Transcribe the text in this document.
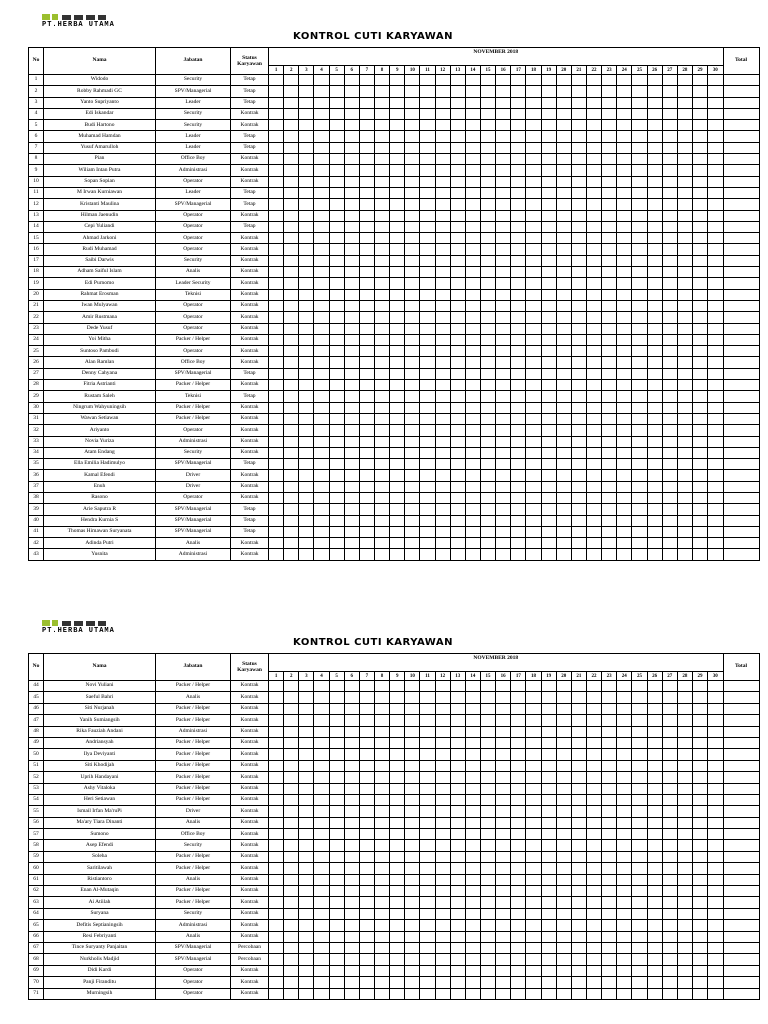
PT.HERBA UTAMA
KONTROL CUTI KARYAWAN
No	Nama	Jabatan	Status Karyawan	NOVEMBER 2018																														Total
				1	2	3	4	5	6	7	8	9	10	11	12	13	14	15	16	17	18	19	20	21	22	23	24	25	26	27	28	29	30	
1	Widodo	Security	Tetap																															
2	Robby Rahmadi GC	SPV/Managerial	Tetap																															
3	Yanto Supriyanto	Leader	Tetap																															
4	Edi Iskandar	Security	Kontrak																															
5	Budi Hartono	Security	Kontrak																															
6	Muhamad Hamdan	Leader	Tetap																															
7	Yusuf Amarulloh	Leader	Tetap																															
8	Pian	Office Boy	Kontrak																															
9	Wiliam Intan Putra	Administrasi	Kontrak																															
10	Sopan Sopian	Operator	Kontrak																															
11	M Irwan Kurniawan	Leader	Tetap																															
12	Kristanti Maulina	SPV/Managerial	Tetap																															
13	Hilman Jaenudin	Operator	Kontrak																															
14	Cepi Yuliandi	Operator	Tetap																															
15	Ahmad Jarkoni	Operator	Kontrak																															
16	Rudi Muhamad	Operator	Kontrak																															
17	Saibi Darwis	Security	Kontrak																															
18	Adham Saiful Islam	Analis	Kontrak																															
19	Edi Purnomo	Leader Security	Kontrak																															
20	Rahmat Erosman	Teknisi	Kontrak																															
21	Iwan Mulyawan	Operator	Kontrak																															
22	Amir Rustmana	Operator	Kontrak																															
23	Dede Yusuf	Operator	Kontrak																															
24	Yoi Mitha	Packer / Helper	Kontrak																															
25	Suntoso Pambudi	Operator	Kontrak																															
26	Alan Ramlan	Office Boy	Kontrak																															
27	Denny Cahyana	SPV/Managerial	Tetap																															
28	Fitria Astrianti	Packer / Helper	Kontrak																															
29	Rustam Saleh	Teknisi	Tetap																															
30	Ningrum Wahyuningsih	Packer / Helper	Kontrak																															
31	Wawan Setiawan	Packer / Helper	Kontrak																															
32	Ariyanto	Operator	Kontrak																															
33	Novia Yuriza	Administrasi	Kontrak																															
34	Atam Endang	Security	Kontrak																															
35	Ella Emilia Hadimulyo	SPV/Managerial	Tetap																															
36	Kamal Efendi	Driver	Kontrak																															
37	Enuh	Driver	Kontrak																															
38	Rasono	Operator	Kontrak																															
39	Arie Saputra R	SPV/Managerial	Tetap																															
40	Hendra Kurnia S	SPV/Managerial	Tetap																															
41	Thomas Himawan Suryanata	SPV/Managerial	Tetap																															
42	Adinda Putri	Analis	Kontrak																															
43	Yusnita	Administrasi	Kontrak																															
PT.HERBA UTAMA
KONTROL CUTI KARYAWAN
No	Nama	Jabatan	Status Karyawan	NOVEMBER 2018																														Total
				1	2	3	4	5	6	7	8	9	10	11	12	13	14	15	16	17	18	19	20	21	22	23	24	25	26	27	28	29	30	
44	Novi Yuliani	Packer / Helper	Kontrak																															
45	Saeful Bahri	Analis	Kontrak																															
46	Siti Nurjanah	Packer / Helper	Kontrak																															
47	Yanih Sumiangsih	Packer / Helper	Kontrak																															
48	Rika Fauziah Andani	Administrasi	Kontrak																															
49	Andriansyah	Packer / Helper	Kontrak																															
50	Ilya Deviyanti	Packer / Helper	Kontrak																															
51	Siti Khodijah	Packer / Helper	Kontrak																															
52	Uprih Handayani	Packer / Helper	Kontrak																															
53	Ashy Vitaloka	Packer / Helper	Kontrak																															
54	Heri Setiawan	Packer / Helper	Kontrak																															
55	Ismail Irfan Ma'ruPi	Driver	Kontrak																															
56	Ma'ary Tiara Dinanti	Analis	Kontrak																															
57	Sumono	Office Boy	Kontrak																															
58	Asep Efendi	Security	Kontrak																															
59	Soleha	Packer / Helper	Kontrak																															
60	Saritilawah	Packer / Helper	Kontrak																															
61	Ristiantoro	Analis	Kontrak																															
62	Enan Al-Mutaqin	Packer / Helper	Kontrak																															
63	Ai Atiilah	Packer / Helper	Kontrak																															
64	Suryana	Security	Kontrak																															
65	Defitis Septianingsih	Administrasi	Kontrak																															
66	Resi Febriyanti	Analis	Kontrak																															
67	Tince Suryanty Panjaitan	SPV/Managerial	Percobaan																															
68	Nurkholis Madjid	SPV/Managerial	Percobaan																															
69	Didi Kardi	Operator	Kontrak																															
70	Panji Firanditu	Operator	Kontrak																															
71	Murningsih	Operator	Kontrak																															
